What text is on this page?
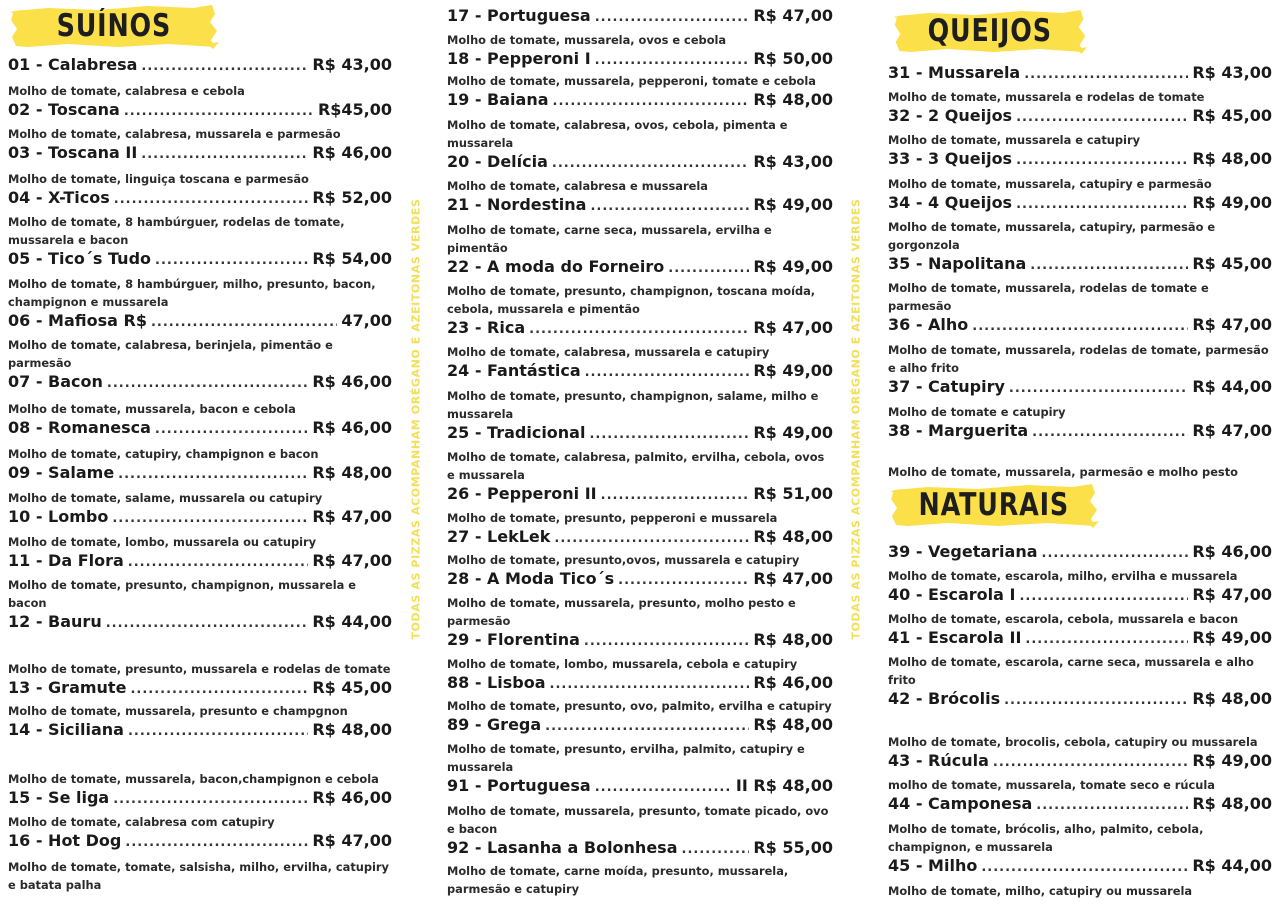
SUÍNOS
01 - Calabresa .....	R$ 43,00
Molho de tomate, calabresa e cebola
02 - Toscana .....	R$45,00
Molho de tomate, calabresa, mussarela e parmesão
03 - Toscana II .....	R$ 46,00
Molho de tomate, linguiça toscana e parmesão
04 - X-Ticos .....	R$ 52,00
Molho de tomate, 8 hambúrguer, rodelas de tomate, mussarela e bacon
05 - Tico´s Tudo .....	R$ 54,00
Molho de tomate, 8 hambúrguer, milho, presunto, bacon, champignon e mussarela
06 - Mafiosa R$ .....	47,00
Molho de tomate, calabresa, berinjela, pimentão e parmesão
07 - Bacon .....	R$ 46,00
Molho de tomate, mussarela, bacon e cebola
08 - Romanesca .....	R$ 46,00
Molho de tomate, catupiry, champignon e bacon
09 - Salame .....	R$ 48,00
Molho de tomate, salame, mussarela ou catupiry
10 - Lombo .....	R$ 47,00
Molho de tomate, lombo, mussarela ou catupiry
11 - Da Flora .....	R$ 47,00
Molho de tomate, presunto, champignon, mussarela e bacon
12 - Bauru .....	R$ 44,00
Molho de tomate, presunto, mussarela e rodelas de tomate
13 - Gramute .....	R$ 45,00
Molho de tomate, mussarela, presunto e champgnon
14 - Siciliana .....	R$ 48,00
Molho de tomate, mussarela, bacon,champignon e cebola
15 - Se liga .....	R$ 46,00
Molho de tomate, calabresa com catupiry
16 - Hot Dog .....	R$ 47,00
Molho de tomate, tomate, salsisha, milho, ervilha, catupiry e batata palha
TODAS AS PIZZAS ACOMPANHAM ORÉGANO E AZEITONAS VERDES
17 - Portuguesa .....	R$ 47,00
Molho de tomate, mussarela, ovos e cebola
18 - Pepperoni I .....	R$ 50,00
Molho de tomate, mussarela, pepperoni, tomate e cebola
19 - Baiana .....	R$ 48,00
Molho de tomate, calabresa, ovos, cebola, pimenta e mussarela
20 - Delícia .....	R$ 43,00
Molho de tomate, calabresa e mussarela
21 - Nordestina .....	R$ 49,00
Molho de tomate, carne seca, mussarela, ervilha e pimentão
22 - A moda do Forneiro .....	R$ 49,00
Molho de tomate, presunto, champignon, toscana moída, cebola, mussarela e pimentão
23 - Rica .....	R$ 47,00
Molho de tomate, calabresa, mussarela e catupiry
24 - Fantástica .....	R$ 49,00
Molho de tomate, presunto, champignon, salame, milho e mussarela
25 - Tradicional .....	R$ 49,00
Molho de tomate, calabresa, palmito, ervilha, cebola, ovos e mussarela
26 - Pepperoni II .....	R$ 51,00
Molho de tomate, presunto, pepperoni e mussarela
27 - LekLek .....	R$ 48,00
Molho de tomate, presunto,ovos, mussarela e catupiry
28 - A Moda Tico´s .....	R$ 47,00
Molho de tomate, mussarela, presunto, molho pesto e parmesão
29 - Florentina .....	R$ 48,00
Molho de tomate, lombo, mussarela, cebola e catupiry
88 - Lisboa .....	R$ 46,00
Molho de tomate, presunto, ovo, palmito, ervilha e catupiry
89 - Grega .....	R$ 48,00
Molho de tomate, presunto, ervilha, palmito, catupiry e mussarela
91 - Portuguesa .....	II R$ 48,00
Molho de tomate, mussarela, presunto, tomate picado, ovo e bacon
92 - Lasanha a Bolonhesa .....	R$ 55,00
Molho de tomate, carne moída, presunto, mussarela, parmesão e catupiry
TODAS AS PIZZAS ACOMPANHAM ORÉGANO E AZEITONAS VERDES
QUEIJOS
31 - Mussarela .....	R$ 43,00
Molho de tomate, mussarela e rodelas de tomate
32 - 2 Queijos .....	R$ 45,00
Molho de tomate, mussarela e catupiry
33 - 3 Queijos .....	R$ 48,00
Molho de tomate, mussarela, catupiry e parmesão
34 - 4 Queijos .....	R$ 49,00
Molho de tomate, mussarela, catupiry, parmesão e gorgonzola
35 - Napolitana .....	R$ 45,00
Molho de tomate, mussarela, rodelas de tomate e parmesão
36 - Alho .....	R$ 47,00
Molho de tomate, mussarela, rodelas de tomate, parmesão e alho frito
37 - Catupiry .....	R$ 44,00
Molho de tomate e catupiry
38 - Marguerita .....	R$ 47,00
Molho de tomate, mussarela, parmesão e molho pesto
NATURAIS
39 - Vegetariana .....	R$ 46,00
Molho de tomate, escarola, milho, ervilha e mussarela
40 - Escarola I .....	R$ 47,00
Molho de tomate, escarola, cebola, mussarela e bacon
41 - Escarola II .....	R$ 49,00
Molho de tomate, escarola, carne seca, mussarela e alho frito
42 - Brócolis .....	R$ 48,00
Molho de tomate, brocolis, cebola, catupiry ou mussarela
43 - Rúcula .....	R$ 49,00
molho de tomate, mussarela, tomate seco e rúcula
44 - Camponesa .....	R$ 48,00
Molho de tomate, brócolis, alho, palmito, cebola, champignon, e mussarela
45 - Milho .....	R$ 44,00
Molho de tomate, milho, catupiry ou mussarela
